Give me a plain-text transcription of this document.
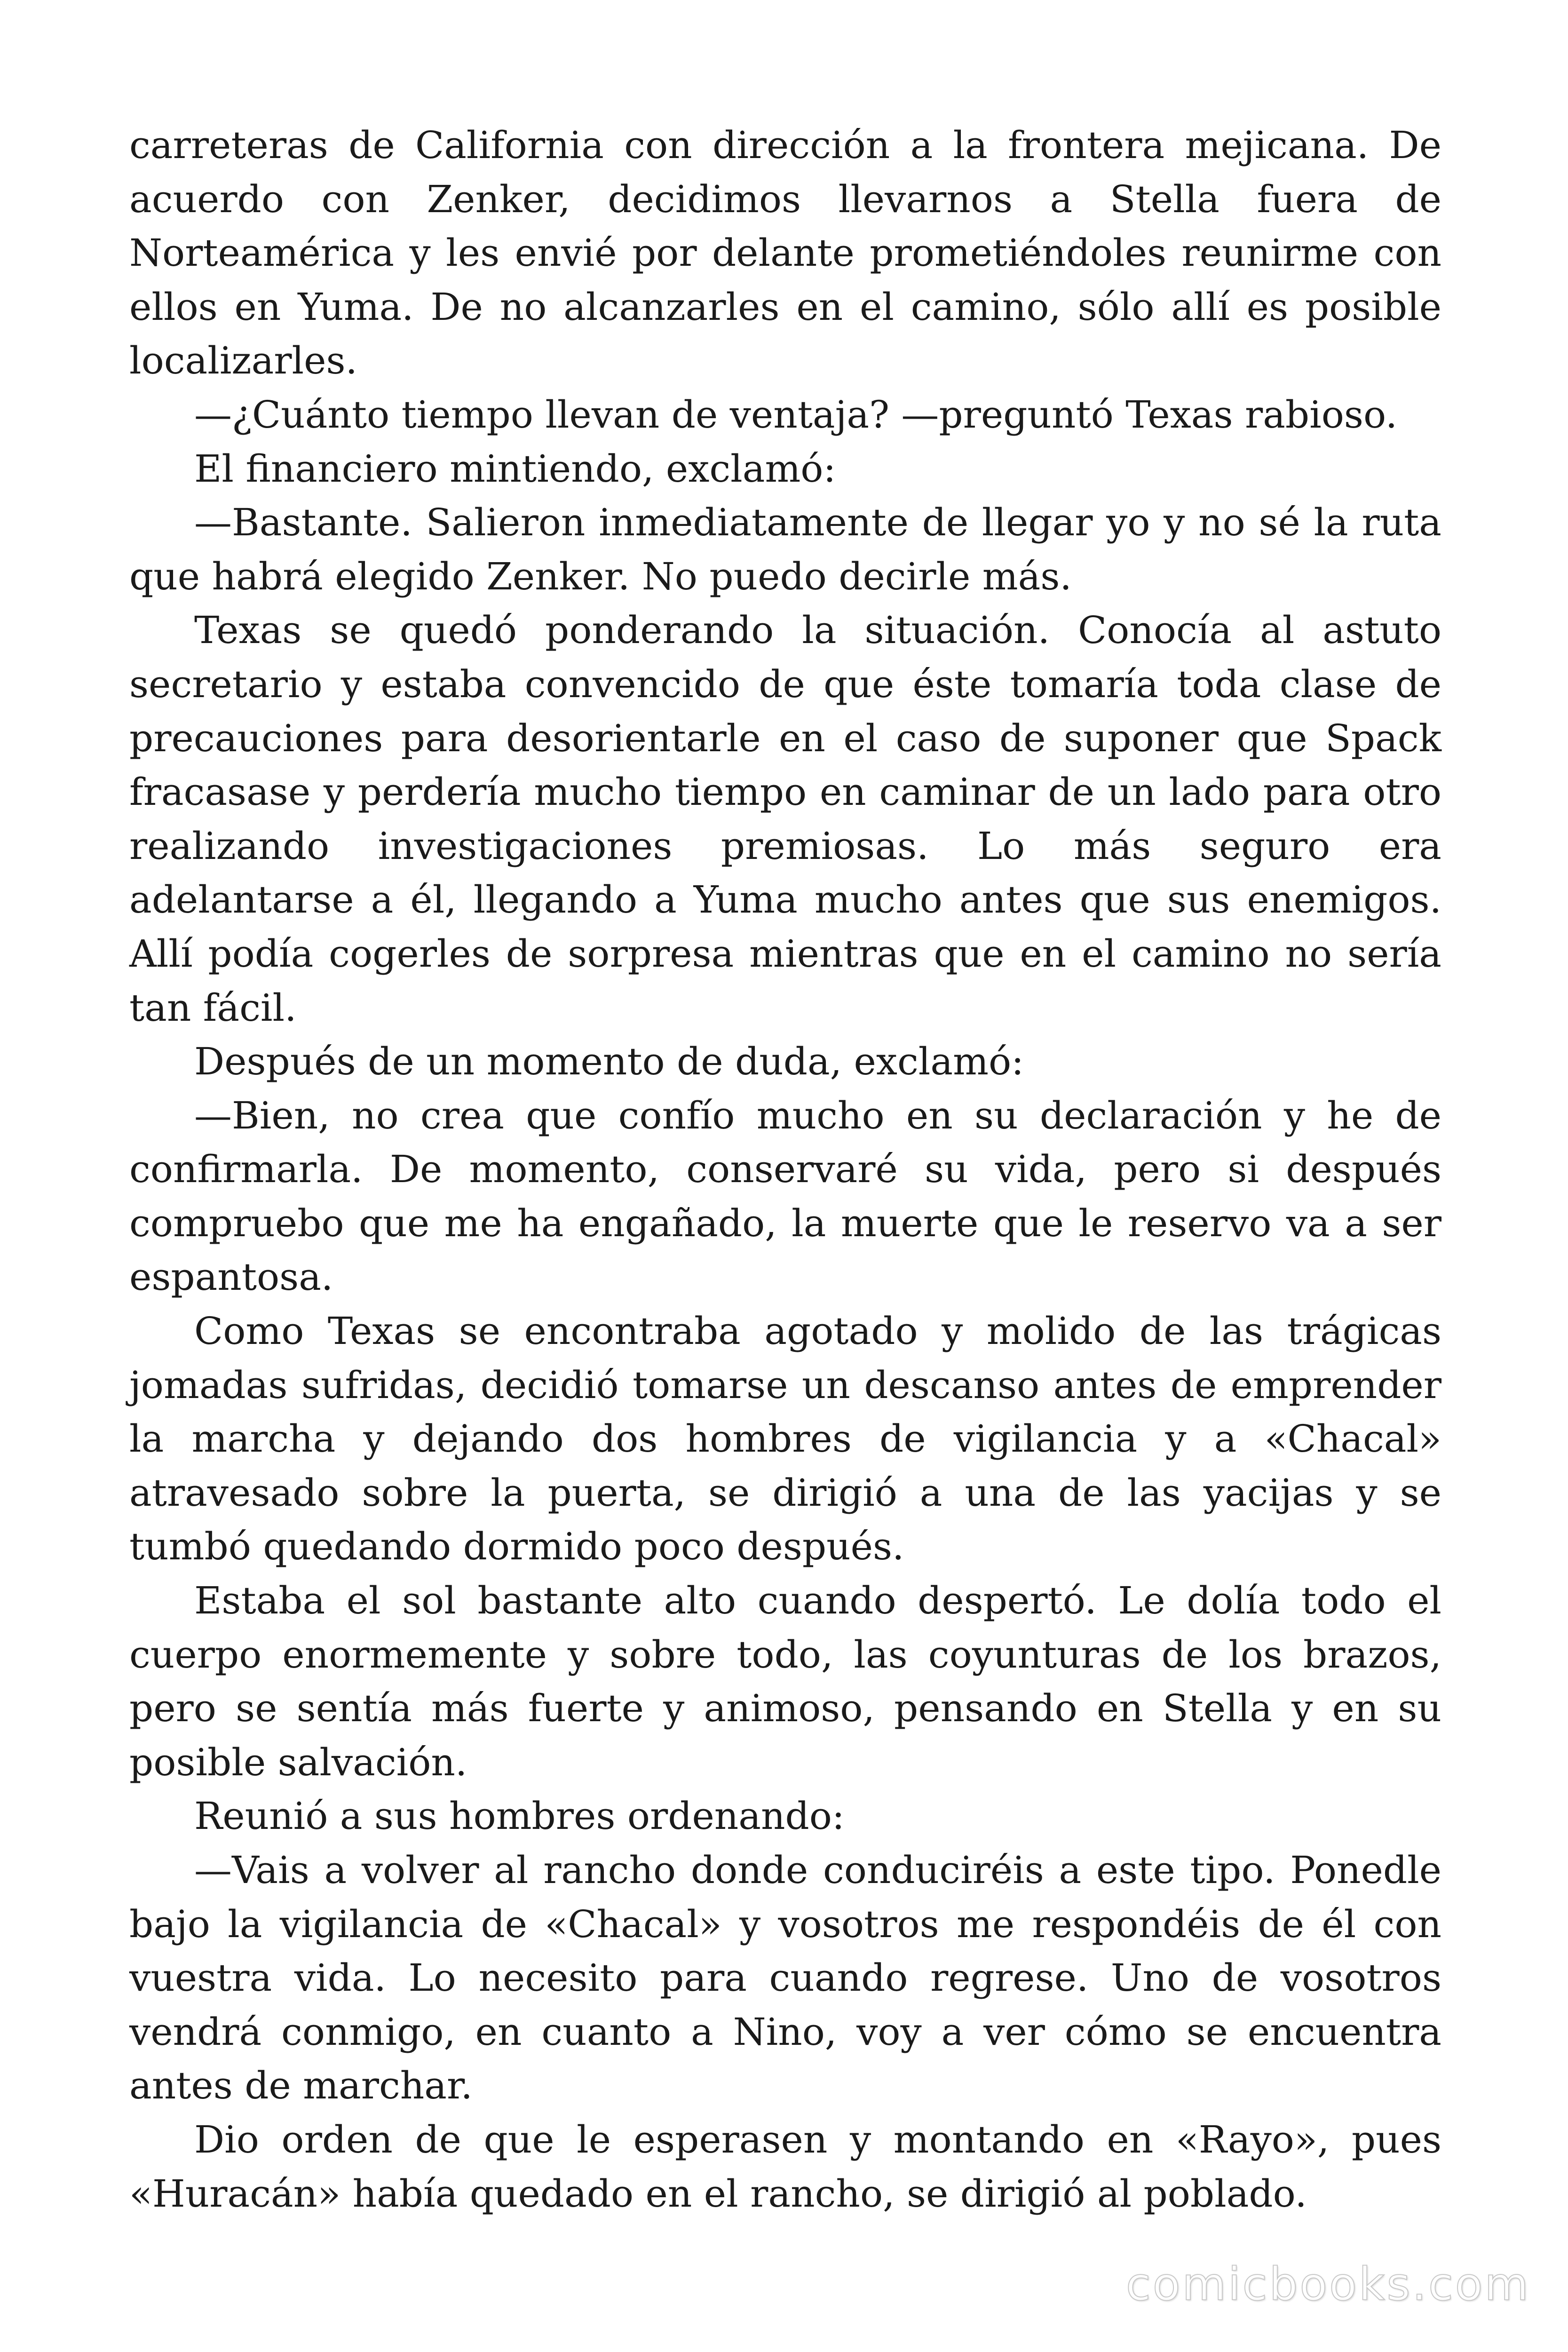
carreteras de California con dirección a la frontera mejicana. De acuerdo con Zenker, decidimos llevarnos a Stella fuera de Norteamérica y les envié por delante prometiéndoles reunirme con ellos en Yuma. De no alcanzarles en el camino, sólo allí es posible localizarles.

—¿Cuánto tiempo llevan de ventaja? —preguntó Texas rabioso.

El financiero mintiendo, exclamó:

—Bastante. Salieron inmediatamente de llegar yo y no sé la ruta que habrá elegido Zenker. No puedo decirle más.

Texas se quedó ponderando la situación. Conocía al astuto secretario y estaba convencido de que éste tomaría toda clase de precauciones para desorientarle en el caso de suponer que Spack fracasase y perdería mucho tiempo en caminar de un lado para otro realizando investigaciones premiosas. Lo más seguro era adelantarse a él, llegando a Yuma mucho antes que sus enemigos. Allí podía cogerles de sorpresa mientras que en el camino no sería tan fácil.

Después de un momento de duda, exclamó:

—Bien, no crea que confío mucho en su declaración y he de confirmarla. De momento, conservaré su vida, pero si después compruebo que me ha engañado, la muerte que le reservo va a ser espantosa.

Como Texas se encontraba agotado y molido de las trágicas jomadas sufridas, decidió tomarse un descanso antes de emprender la marcha y dejando dos hombres de vigilancia y a «Chacal» atravesado sobre la puerta, se dirigió a una de las yacijas y se tumbó quedando dormido poco después.

Estaba el sol bastante alto cuando despertó. Le dolía todo el cuerpo enormemente y sobre todo, las coyunturas de los brazos, pero se sentía más fuerte y animoso, pensando en Stella y en su posible salvación.

Reunió a sus hombres ordenando:

—Vais a volver al rancho donde conduciréis a este tipo. Ponedle bajo la vigilancia de «Chacal» y vosotros me respondéis de él con vuestra vida. Lo necesito para cuando regrese. Uno de vosotros vendrá conmigo, en cuanto a Nino, voy a ver cómo se encuentra antes de marchar.

Dio orden de que le esperasen y montando en «Rayo», pues «Huracán» había quedado en el rancho, se dirigió al poblado.

comicbooks.com
